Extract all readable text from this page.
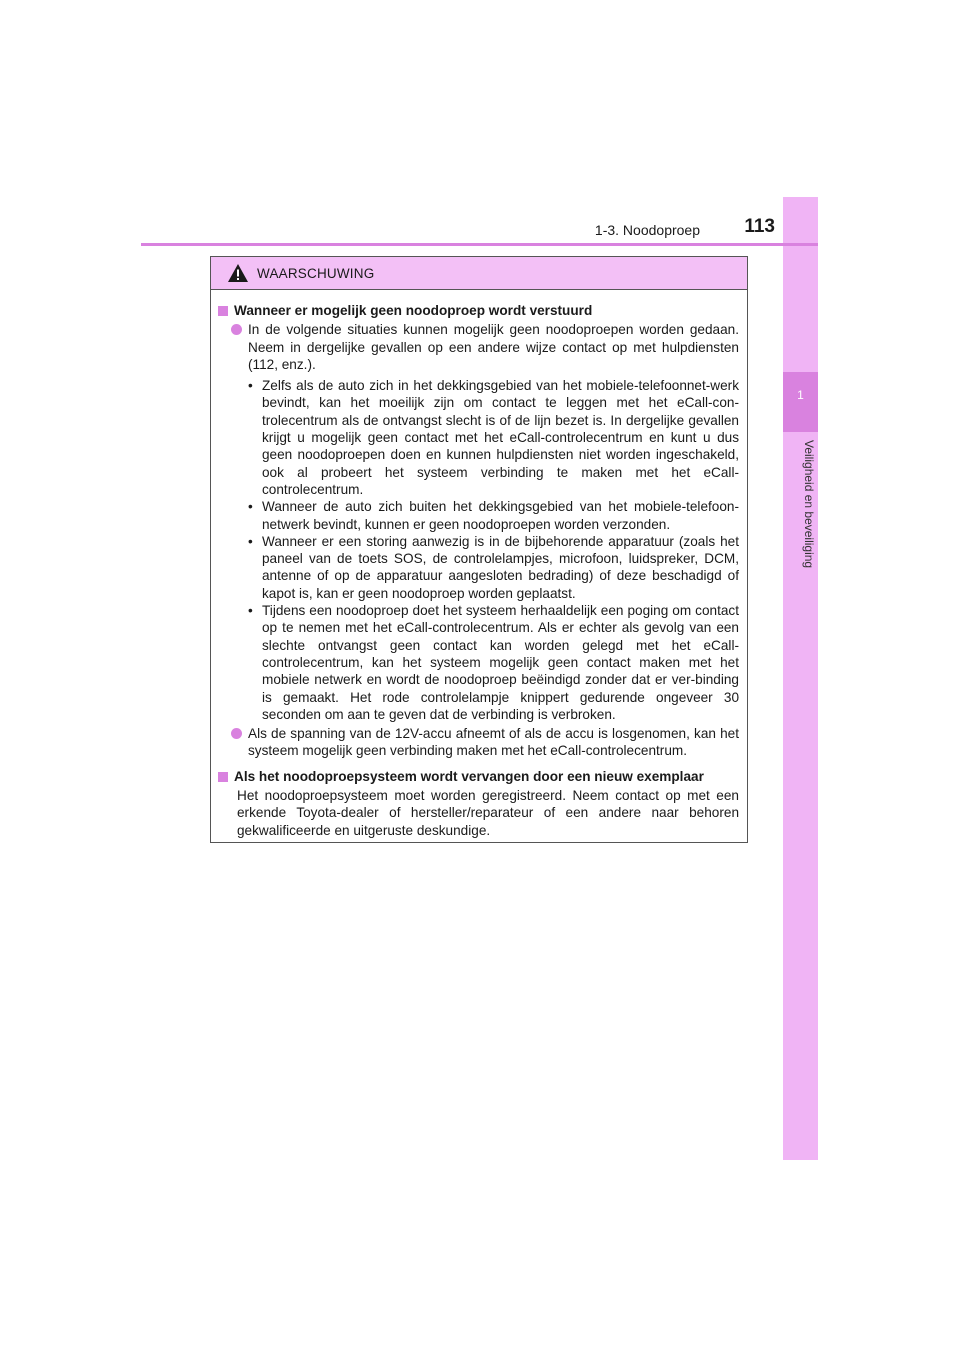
1
Veiligheid en beveiliging
1-3. Noodoproep	113
WAARSCHUWING
Wanneer er mogelijk geen noodoproep wordt verstuurd
In de volgende situaties kunnen mogelijk geen noodoproepen worden gedaan. Neem in dergelijke gevallen op een andere wijze contact op met hulpdiensten (112, enz.).
• Zelfs als de auto zich in het dekkingsgebied van het mobiele-telefoonnet-werk bevindt, kan het moeilijk zijn om contact te leggen met het eCall-con-trolecentrum als de ontvangst slecht is of de lijn bezet is. In dergelijke gevallen krijgt u mogelijk geen contact met het eCall-controlecentrum en kunt u dus geen noodoproepen doen en kunnen hulpdiensten niet worden ingeschakeld, ook al probeert het systeem verbinding te maken met het eCall-controlecentrum.
• Wanneer de auto zich buiten het dekkingsgebied van het mobiele-telefoon-netwerk bevindt, kunnen er geen noodoproepen worden verzonden.
• Wanneer er een storing aanwezig is in de bijbehorende apparatuur (zoals het paneel van de toets SOS, de controlelampjes, microfoon, luidspreker, DCM, antenne of op de apparatuur aangesloten bedrading) of deze beschadigd of kapot is, kan er geen noodoproep worden geplaatst.
• Tijdens een noodoproep doet het systeem herhaaldelijk een poging om contact op te nemen met het eCall-controlecentrum. Als er echter als gevolg van een slechte ontvangst geen contact kan worden gelegd met het eCall-controlecentrum, kan het systeem mogelijk geen contact maken met het mobiele netwerk en wordt de noodoproep beëindigd zonder dat er ver-binding is gemaakt. Het rode controlelampje knippert gedurende ongeveer 30 seconden om aan te geven dat de verbinding is verbroken.
Als de spanning van de 12V-accu afneemt of als de accu is losgenomen, kan het systeem mogelijk geen verbinding maken met het eCall-controlecentrum.
Als het noodoproepsysteem wordt vervangen door een nieuw exemplaar
Het noodoproepsysteem moet worden geregistreerd. Neem contact op met een erkende Toyota-dealer of hersteller/reparateur of een andere naar behoren gekwalificeerde en uitgeruste deskundige.
